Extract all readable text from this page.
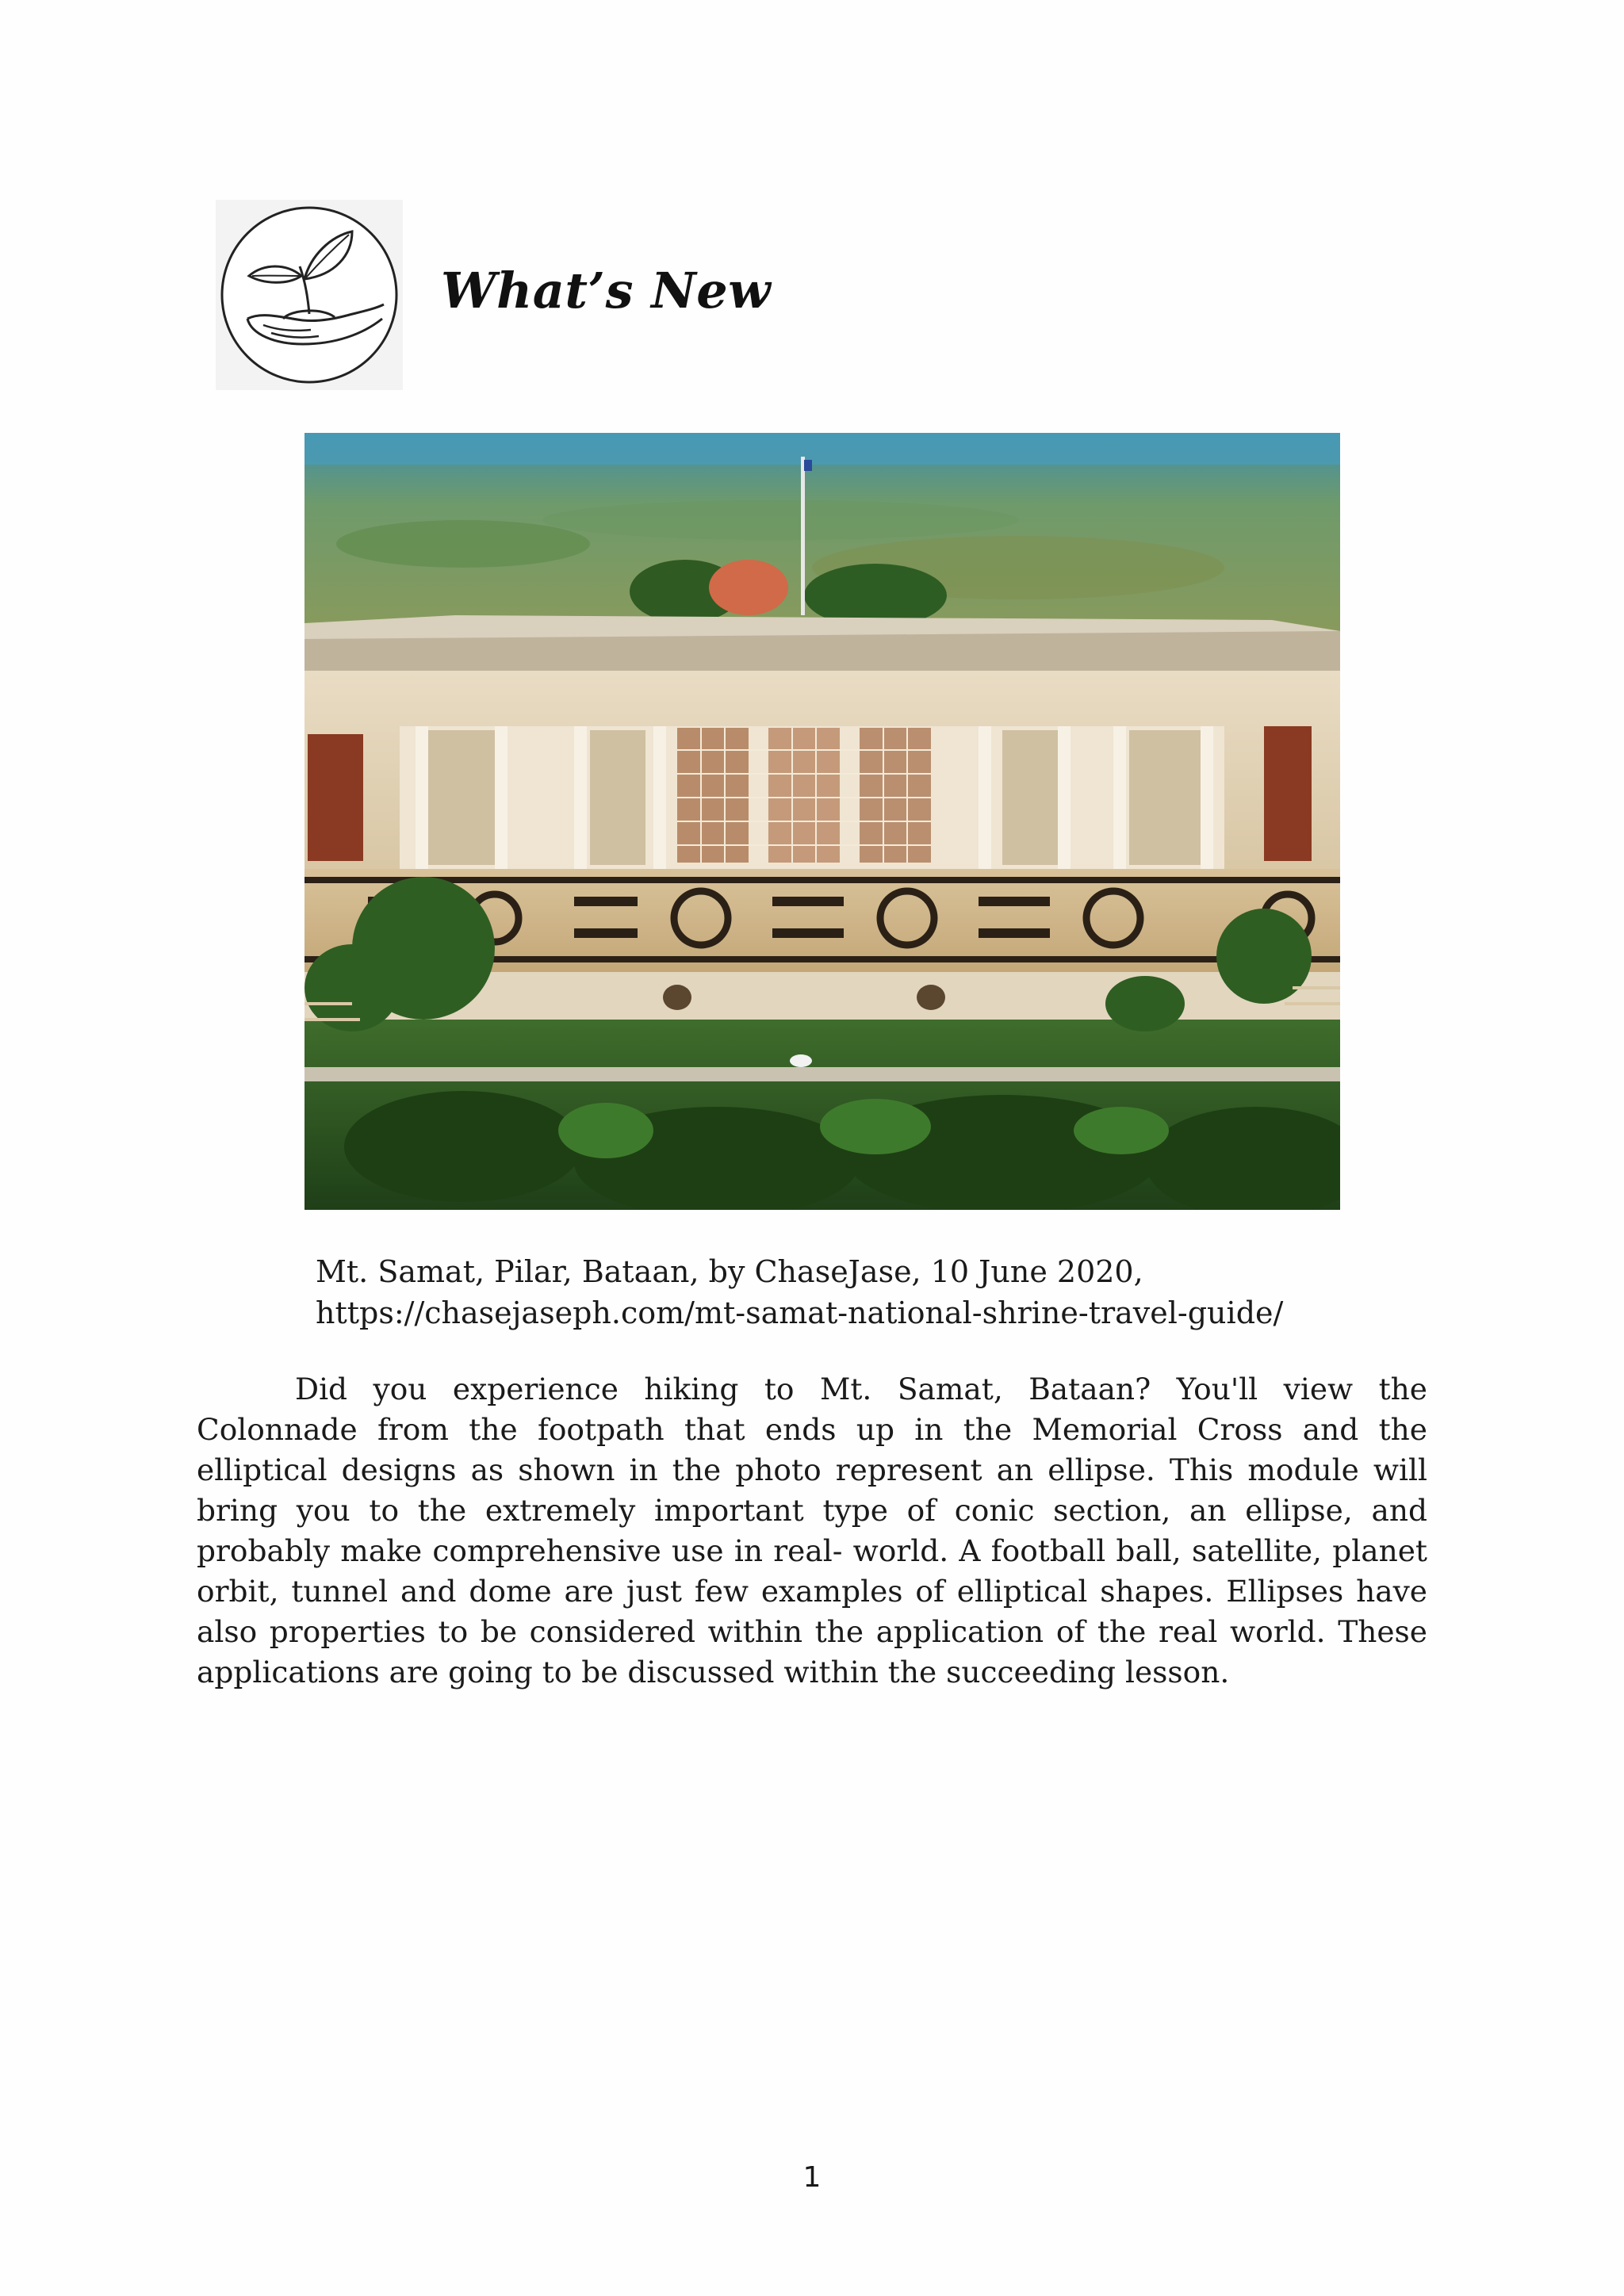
What’s New
Mt. Samat, Pilar, Bataan, by ChaseJase, 10 June 2020,
https://chasejaseph.com/mt-samat-national-shrine-travel-guide/
Did you experience hiking to Mt. Samat, Bataan? You'll view the Colonnade from the footpath that ends up in the Memorial Cross and the elliptical designs as shown in the photo represent an ellipse. This module will bring you to the extremely important type of conic section, an ellipse, and probably make comprehensive use in real- world. A football ball, satellite, planet orbit, tunnel and dome are just few examples of elliptical shapes. Ellipses have also properties to be considered within the application of the real world. These applications are going to be discussed within the succeeding lesson.
1
